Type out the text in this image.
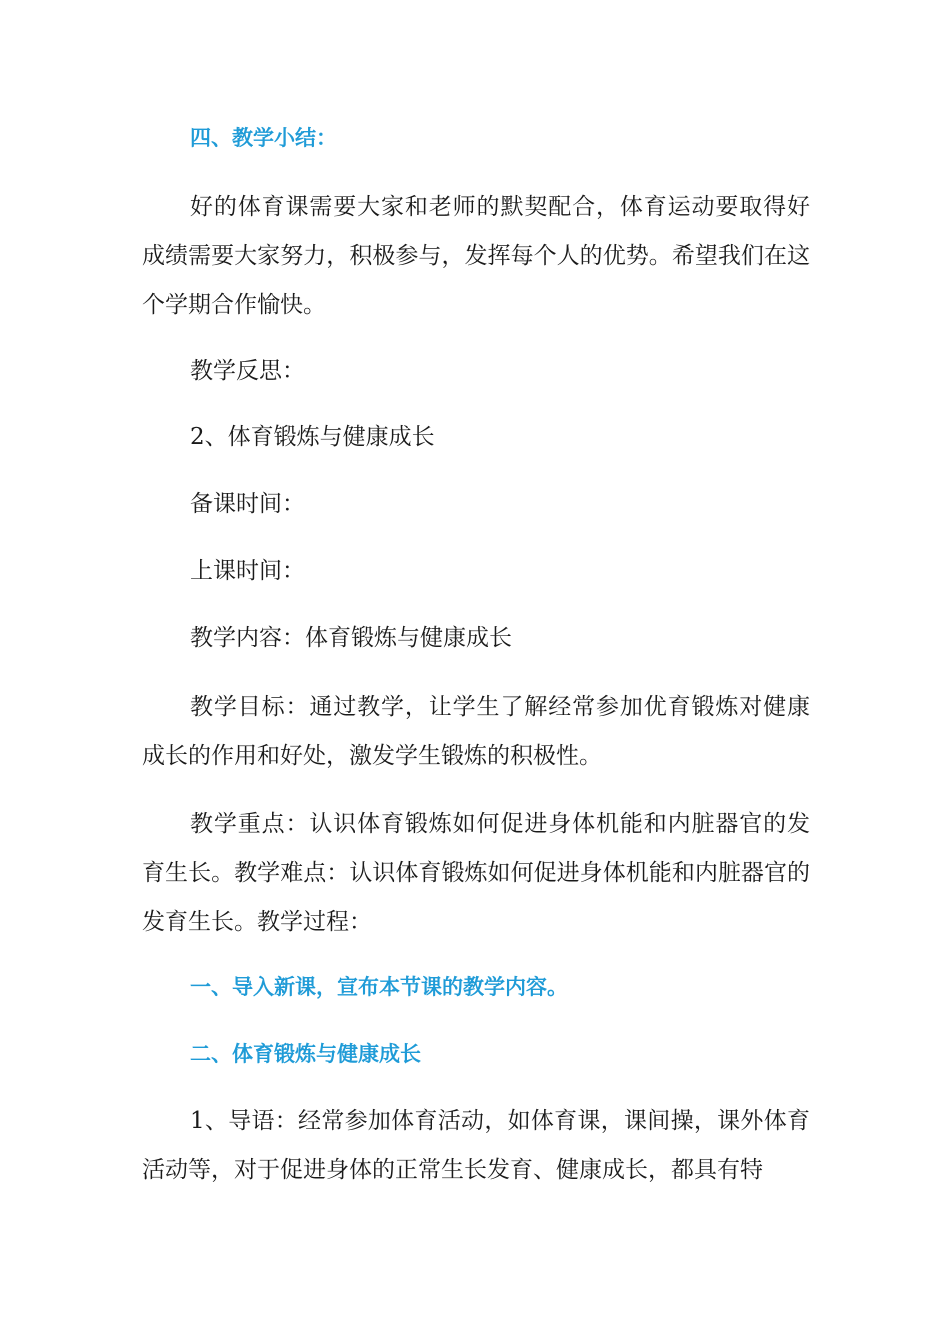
四、教学小结：

好的体育课需要大家和老师的默契配合，体育运动要取得好成绩需要大家努力，积极参与，发挥每个人的优势。希望我们在这个学期合作愉快。

教学反思：

2、体育锻炼与健康成长

备课时间：

上课时间：

教学内容：体育锻炼与健康成长

教学目标：通过教学，让学生了解经常参加优育锻炼对健康成长的作用和好处，激发学生锻炼的积极性。

教学重点：认识体育锻炼如何促进身体机能和内脏器官的发育生长。教学难点：认识体育锻炼如何促进身体机能和内脏器官的发育生长。教学过程：

一、导入新课，宣布本节课的教学内容。

二、体育锻炼与健康成长

1、导语：经常参加体育活动，如体育课，课间操，课外体育活动等，对于促进身体的正常生长发育、健康成长，都具有特
